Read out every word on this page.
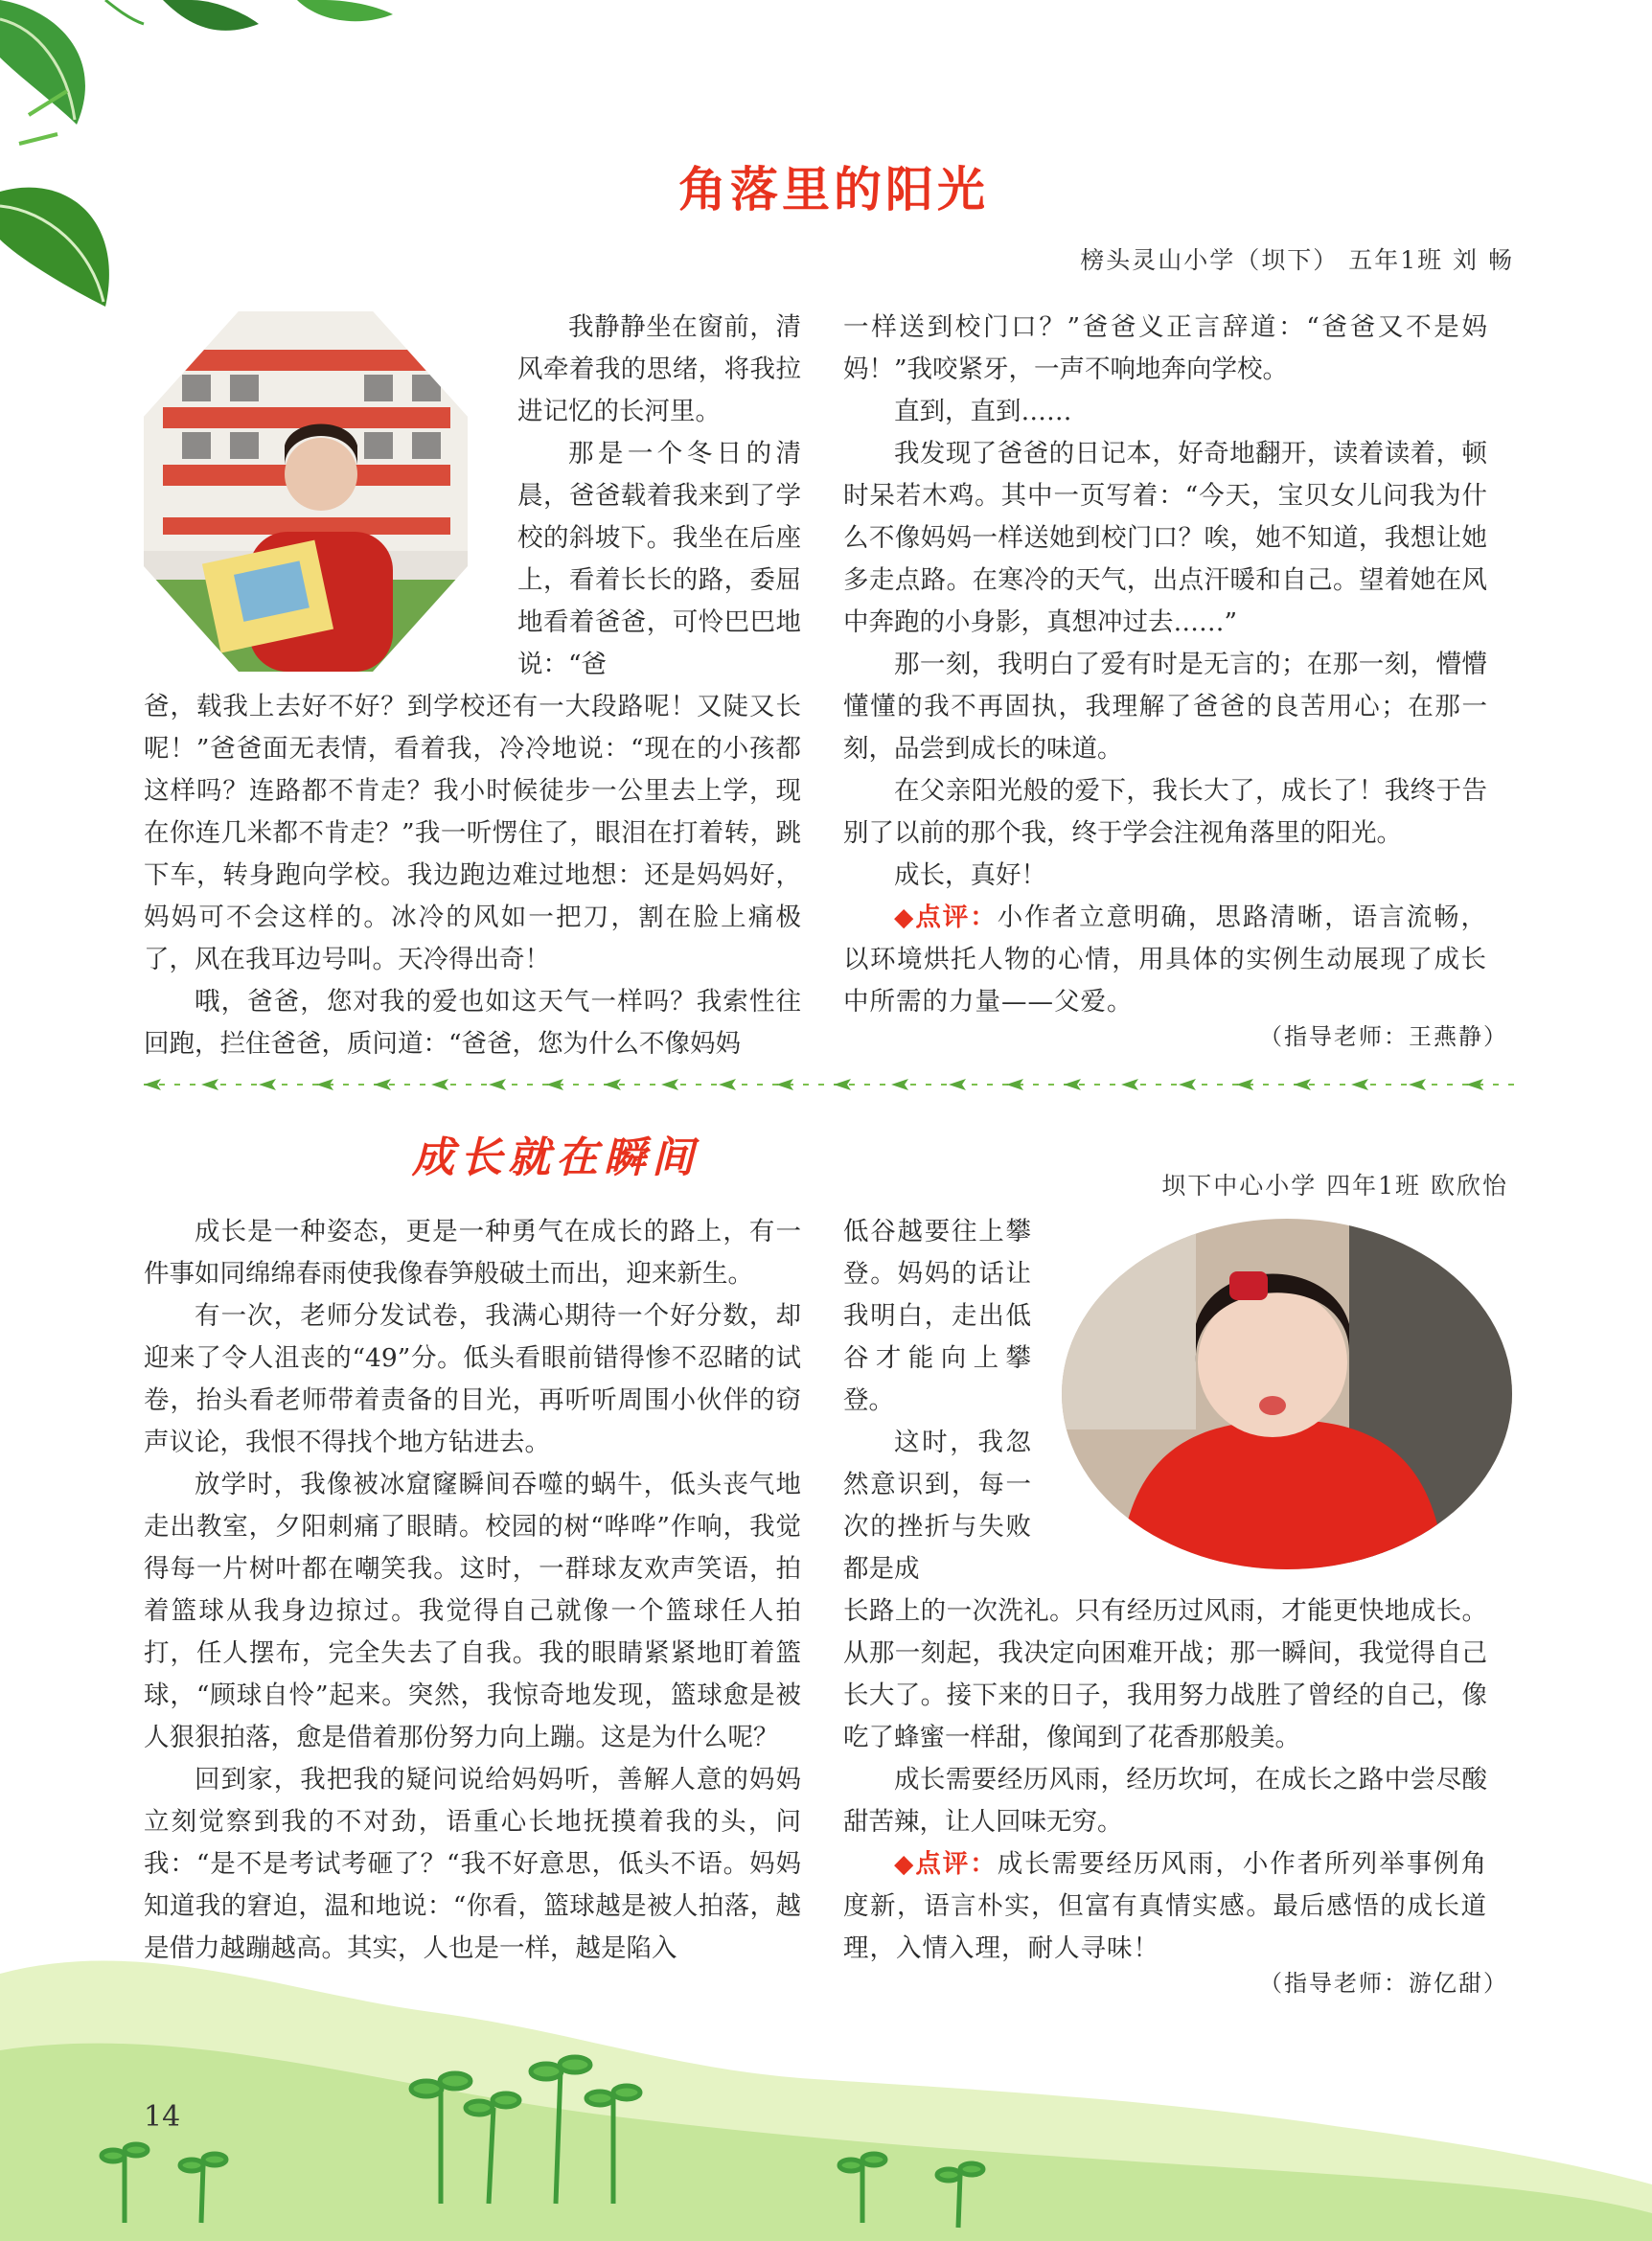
角落里的阳光
榜头灵山小学（坝下） 五年1班 刘 畅

我静静坐在窗前，清风牵着我的思绪，将我拉进记忆的长河里。

那是一个冬日的清晨，爸爸载着我来到了学校的斜坡下。我坐在后座上，看着长长的路，委屈地看着爸爸，可怜巴巴地说：“爸

爸，载我上去好不好？到学校还有一大段路呢！又陡又长呢！”爸爸面无表情，看着我，冷冷地说：“现在的小孩都这样吗？连路都不肯走？我小时候徒步一公里去上学，现在你连几米都不肯走？”我一听愣住了，眼泪在打着转，跳下车，转身跑向学校。我边跑边难过地想：还是妈妈好，妈妈可不会这样的。冰冷的风如一把刀，割在脸上痛极了，风在我耳边号叫。天冷得出奇！

哦，爸爸，您对我的爱也如这天气一样吗？我索性往回跑，拦住爸爸，质问道：“爸爸，您为什么不像妈妈

一样送到校门口？”爸爸义正言辞道：“爸爸又不是妈妈！”我咬紧牙，一声不响地奔向学校。

直到，直到……

我发现了爸爸的日记本，好奇地翻开，读着读着，顿时呆若木鸡。其中一页写着：“今天，宝贝女儿问我为什么不像妈妈一样送她到校门口？唉，她不知道，我想让她多走点路。在寒冷的天气，出点汗暖和自己。望着她在风中奔跑的小身影，真想冲过去……”

那一刻，我明白了爱有时是无言的；在那一刻，懵懵懂懂的我不再固执，我理解了爸爸的良苦用心；在那一刻，品尝到成长的味道。

在父亲阳光般的爱下，我长大了，成长了！我终于告别了以前的那个我，终于学会注视角落里的阳光。

成长，真好！

◆点评：小作者立意明确，思路清晰，语言流畅，以环境烘托人物的心情，用具体的实例生动展现了成长中所需的力量——父爱。

（指导老师：王燕静）
成长就在瞬间
坝下中心小学 四年1班 欧欣怡

成长是一种姿态，更是一种勇气在成长的路上，有一件事如同绵绵春雨使我像春笋般破土而出，迎来新生。

有一次，老师分发试卷，我满心期待一个好分数，却迎来了令人沮丧的“49”分。低头看眼前错得惨不忍睹的试卷，抬头看老师带着责备的目光，再听听周围小伙伴的窃声议论，我恨不得找个地方钻进去。

放学时，我像被冰窟窿瞬间吞噬的蜗牛，低头丧气地走出教室，夕阳刺痛了眼睛。校园的树“哗哗”作响，我觉得每一片树叶都在嘲笑我。这时，一群球友欢声笑语，拍着篮球从我身边掠过。我觉得自己就像一个篮球任人拍打，任人摆布，完全失去了自我。我的眼睛紧紧地盯着篮球，“顾球自怜”起来。突然，我惊奇地发现，篮球愈是被人狠狠拍落，愈是借着那份努力向上蹦。这是为什么呢？

回到家，我把我的疑问说给妈妈听，善解人意的妈妈立刻觉察到我的不对劲，语重心长地抚摸着我的头，问我：“是不是考试考砸了？“我不好意思，低头不语。妈妈知道我的窘迫，温和地说：“你看，篮球越是被人拍落，越是借力越蹦越高。其实，人也是一样，越是陷入

低谷越要往上攀登。妈妈的话让我明白，走出低谷才能向上攀登。

这时，我忽然意识到，每一次的挫折与失败都是成

长路上的一次洗礼。只有经历过风雨，才能更快地成长。从那一刻起，我决定向困难开战；那一瞬间，我觉得自己长大了。接下来的日子，我用努力战胜了曾经的自己，像吃了蜂蜜一样甜，像闻到了花香那般美。

成长需要经历风雨，经历坎坷，在成长之路中尝尽酸甜苦辣，让人回味无穷。

◆点评：成长需要经历风雨，小作者所列举事例角度新，语言朴实，但富有真情实感。最后感悟的成长道理，入情入理，耐人寻味！

（指导老师：游亿甜）
14
